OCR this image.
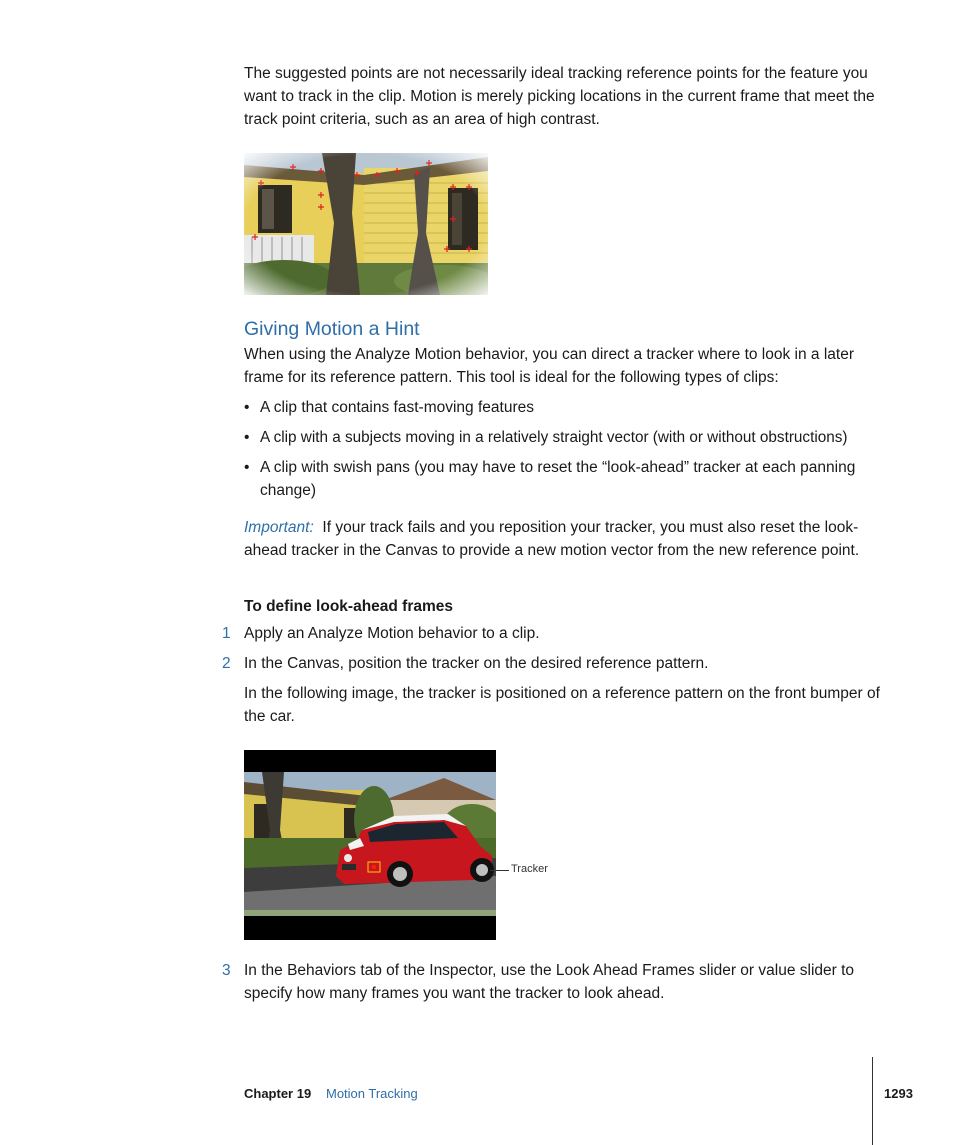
The suggested points are not necessarily ideal tracking reference points for the feature you want to track in the clip. Motion is merely picking locations in the current frame that meet the track point criteria, such as an area of high contrast.

Giving Motion a Hint

When using the Analyze Motion behavior, you can direct a tracker where to look in a later frame for its reference pattern. This tool is ideal for the following types of clips:

• A clip that contains fast-moving features
• A clip with a subjects moving in a relatively straight vector (with or without obstructions)
• A clip with swish pans (you may have to reset the “look-ahead” tracker at each panning change)

Important: If your track fails and you reposition your tracker, you must also reset the look-ahead tracker in the Canvas to provide a new motion vector from the new reference point.

To define look-ahead frames

1 Apply an Analyze Motion behavior to a clip.

2 In the Canvas, position the tracker on the desired reference pattern.

In the following image, the tracker is positioned on a reference pattern on the front bumper of the car.

Tracker
3 In the Behaviors tab of the Inspector, use the Look Ahead Frames slider or value slider to specify how many frames you want the tracker to look ahead.

Chapter 19 Motion Tracking	1293
